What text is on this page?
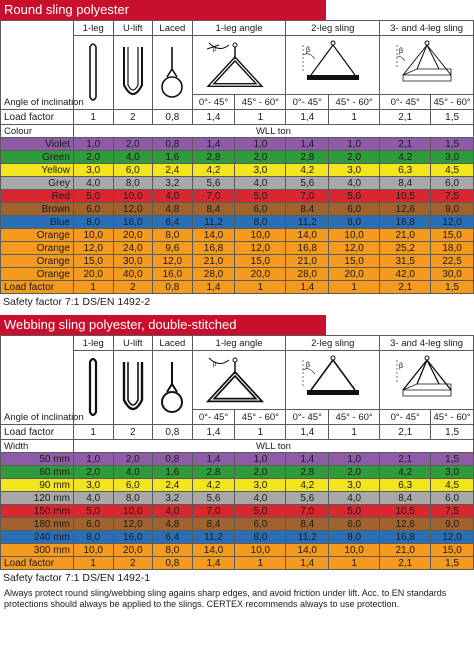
Round sling polyester
Angle of inclination	1-leg	U-lift	Laced	1-leg angle		2-leg sling		3- and 4-leg sling	

β		β		β	

				0°- 45°	45° - 60°	0°- 45°	45° - 60°	0°- 45°	45° - 60°
Load factor	1	2	0,8	1,4	1	1,4	1	2,1	1,5
Colour	WLL ton								
Violet	1,0	2,0	0,8	1,4	1,0	1,4	1,0	2,1	1,5
Green	2,0	4,0	1,6	2,8	2,0	2,8	2,0	4,2	3,0
Yellow	3,0	6,0	2,4	4,2	3,0	4,2	3,0	6,3	4,5
Grey	4,0	8,0	3,2	5,6	4,0	5,6	4,0	8,4	6,0
Red	5,0	10,0	4,0	7,0	5,0	7,0	5,0	10,5	7,5
Brown	6,0	12,0	4,8	8,4	6,0	8,4	6,0	12,6	9,0
Blue	8,0	16,0	6,4	11,2	8,0	11,2	8,0	16,8	12,0
Orange	10,0	20,0	8,0	14,0	10,0	14,0	10,0	21,0	15,0
Orange	12,0	24,0	9,6	16,8	12,0	16,8	12,0	25,2	18,0
Orange	15,0	30,0	12,0	21,0	15,0	21,0	15,0	31,5	22,5
Orange	20,0	40,0	16,0	28,0	20,0	28,0	20,0	42,0	30,0
Load factor	1	2	0,8	1,4	1	1,4	1	2,1	1,5
Safety factor 7:1 DS/EN 1492-2
Webbing sling polyester, double-stitched
Angle of inclination	1-leg	U-lift	Laced	1-leg angle		2-leg sling		3- and 4-leg sling	

β		β		β	

				0°- 45°	45° - 60°	0°- 45°	45° - 60°	0°- 45°	45° - 60°
Load factor	1	2	0,8	1,4	1	1,4	1	2,1	1,5
Width	WLL ton								
50 mm	1,0	2,0	0,8	1,4	1,0	1,4	1,0	2,1	1,5
60 mm	2,0	4,0	1,6	2,8	2,0	2,8	2,0	4,2	3,0
90 mm	3,0	6,0	2,4	4,2	3,0	4,2	3,0	6,3	4,5
120 mm	4,0	8,0	3,2	5,6	4,0	5,6	4,0	8,4	6,0
150 mm	5,0	10,0	4,0	7,0	5,0	7,0	5,0	10,5	7,5
180 mm	6,0	12,0	4,8	8,4	6,0	8,4	6,0	12,6	9,0
240 mm	8,0	16,0	6,4	11,2	8,0	11,2	8,0	16,8	12,0
300 mm	10,0	20,0	8,0	14,0	10,0	14,0	10,0	21,0	15,0
Load factor	1	2	0,8	1,4	1	1,4	1	2,1	1,5
Safety factor 7:1 DS/EN 1492-1
Always protect round sling/webbing sling agains sharp edges, and avoid friction under lift. Acc. to EN standards protections should always be applied to the slings. CERTEX recommends always to use protection.
